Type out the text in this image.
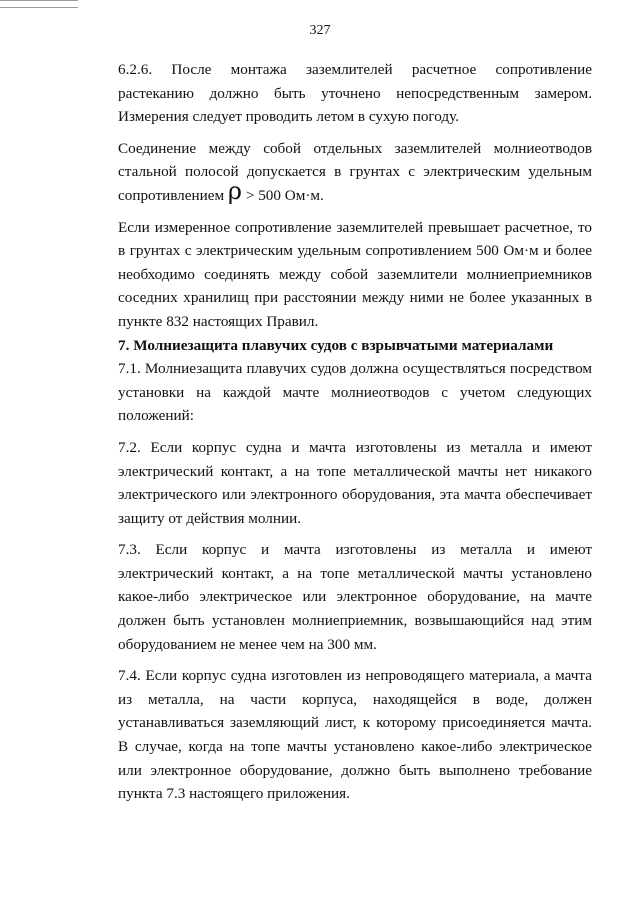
327

6.2.6. После монтажа заземлителей расчетное сопротивление растеканию должно быть уточнено непосредственным замером. Измерения следует проводить летом в сухую погоду.

Соединение между собой отдельных заземлителей молниеотводов стальной полосой допускается в грунтах с электрическим удельным сопротивлением ρ > 500 Ом·м.

Если измеренное сопротивление заземлителей превышает расчетное, то в грунтах с электрическим удельным сопротивлением 500 Ом·м и более необходимо соединять между собой заземлители молниеприемников соседних хранилищ при расстоянии между ними не более указанных в пункте 832 настоящих Правил.

7. Молниезащита плавучих судов с взрывчатыми материалами

7.1. Молниезащита плавучих судов должна осуществляться посредством установки на каждой мачте молниеотводов с учетом следующих положений:

7.2. Если корпус судна и мачта изготовлены из металла и имеют электрический контакт, а на топе металлической мачты нет никакого электрического или электронного оборудования, эта мачта обеспечивает защиту от действия молнии.

7.3. Если корпус и мачта изготовлены из металла и имеют электрический контакт, а на топе металлической мачты установлено какое-либо электрическое или электронное оборудование, на мачте должен быть установлен молниеприемник, возвышающийся над этим оборудованием не менее чем на 300 мм.

7.4. Если корпус судна изготовлен из непроводящего материала, а мачта из металла, на части корпуса, находящейся в воде, должен устанавливаться заземляющий лист, к которому присоединяется мачта. В случае, когда на топе мачты установлено какое-либо электрическое или электронное оборудование, должно быть выполнено требование пункта 7.3 настоящего приложения.
